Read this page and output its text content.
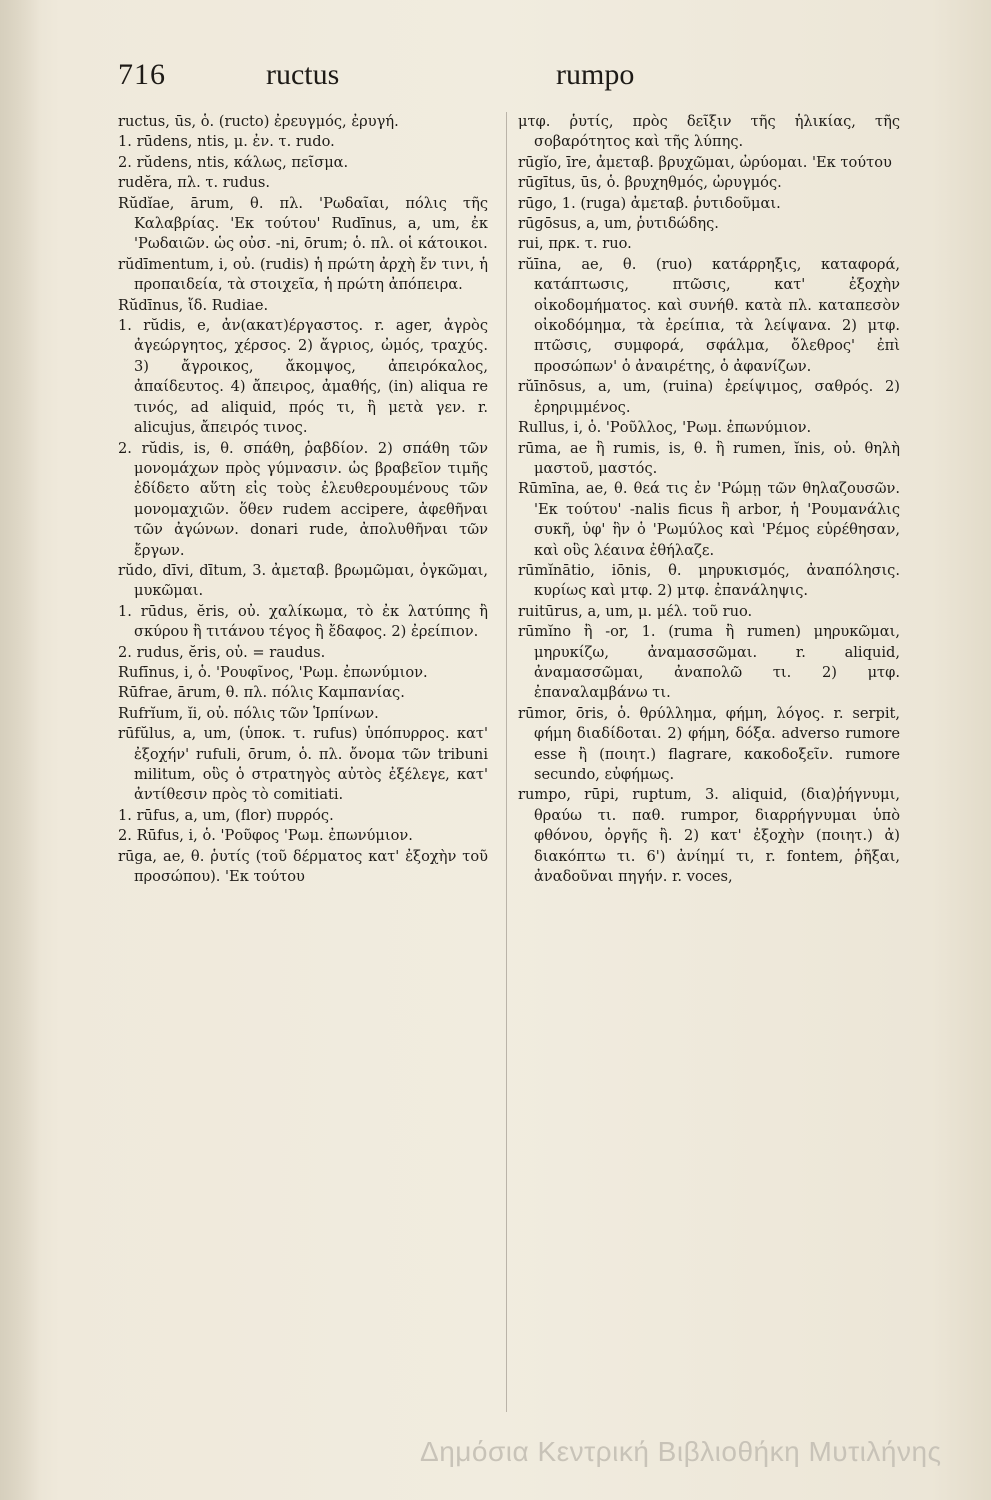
716	ructus	rumpo

ructus, ūs, ὁ. (ructo) ἐρευγμός, ἐρυγή.

1. rūdens, ntis, μ. ἐν. τ. rudo.

2. rŭdens, ntis, κάλως, πεῖσμα.

rudĕra, πλ. τ. rudus.

Rŭdĭae, ārum, θ. πλ. 'Ρωδαῖαι, πόλις τῆς Καλαβρίας. 'Εκ τούτου' Rudīnus, a, um, ἐκ 'Ρωδαιῶν. ὡς οὐσ. -ni, ōrum; ὁ. πλ. οἱ κάτοικοι.

rŭdīmentum, i, οὐ. (rudis) ἡ πρώτη ἀρχὴ ἔν τινι, ἡ προπαιδεία, τὰ στοιχεῖα, ἡ πρώτη ἀπόπειρα.

Rŭdīnus, ἴδ. Rudiae.

1. rŭdis, e, ἀν(ακατ)έργαστος. r. ager, ἀγρὸς ἀγεώργητος, χέρσος. 2) ἄγριος, ὠμός, τραχύς. 3) ἄγροικος, ἄκομψος, ἀπειρόκαλος, ἀπαίδευτος. 4) ἄπειρος, ἀμαθής, (in) aliqua re τινός, ad aliquid, πρός τι, ἢ μετὰ γεν. r. alicujus, ἄπειρός τινος.

2. rŭdis, is, θ. σπάθη, ῥαβδίον. 2) σπάθη τῶν μονομάχων πρὸς γύμνασιν. ὡς βραβεῖον τιμῆς ἐδίδετο αὕτη εἰς τοὺς ἐλευθερουμένους τῶν μονομαχιῶν. ὅθεν rudem accipere, ἀφεθῆναι τῶν ἀγώνων. donari rude, ἀπολυθῆναι τῶν ἔργων.

rŭdo, dīvi, dītum, 3. ἀμεταβ. βρωμῶμαι, ὀγκῶμαι, μυκῶμαι.

1. rūdus, ĕris, οὐ. χαλίκωμα, τὸ ἐκ λατύπης ἢ σκύρου ἢ τιτάνου τέγος ἢ ἔδαφος. 2) ἐρείπιον.

2. rudus, ĕris, οὐ. = raudus.

Rufīnus, i, ὁ. 'Ρουφῖνος, 'Ρωμ. ἐπωνύμιον.

Rūfrae, ārum, θ. πλ. πόλις Καμπανίας.

Rufrĭum, ĭi, οὐ. πόλις τῶν Ἱρπίνων.

rūfŭlus, a, um, (ὑποκ. τ. rufus) ὑπόπυρρος. κατ' ἐξοχήν' rufuli, ōrum, ὁ. πλ. ὄνομα τῶν tribuni militum, οὓς ὁ στρατηγὸς αὐτὸς ἐξέλεγε, κατ' ἀντίθεσιν πρὸς τὸ comitiati.

1. rūfus, a, um, (flor) πυρρός.

2. Rūfus, i, ὁ. 'Ροῦφος 'Ρωμ. ἐπωνύμιον.

rūga, ae, θ. ῥυτίς (τοῦ δέρματος κατ' ἐξοχὴν τοῦ προσώπου). 'Εκ τούτου

μτφ. ῥυτίς, πρὸς δεῖξιν τῆς ἡλικίας, τῆς σοβαρότητος καὶ τῆς λύπης.

rūgĭo, īre, ἀμεταβ. βρυχῶμαι, ὠρύομαι. 'Εκ τούτου

rūgītus, ūs, ὁ. βρυχηθμός, ὠρυγμός.

rūgo, 1. (ruga) ἀμεταβ. ῥυτιδοῦμαι.

rūgōsus, a, um, ῥυτιδώδης.

rui, πρκ. τ. ruo.

rŭīna, ae, θ. (ruo) κατάρρηξις, καταφορά, κατάπτωσις, πτῶσις, κατ' ἐξοχὴν οἰκοδομήματος. καὶ συνήθ. κατὰ πλ. καταπεσὸν οἰκοδόμημα, τὰ ἐρείπια, τὰ λείψανα. 2) μτφ. πτῶσις, συμφορά, σφάλμα, ὄλεθρος' ἐπὶ προσώπων' ὁ ἀναιρέτης, ὁ ἀφανίζων.

rŭīnōsus, a, um, (ruina) ἐρείψιμος, σαθρός. 2) ἐρηριμμένος.

Rullus, i, ὁ. 'Ροῦλλος, 'Ρωμ. ἐπωνύμιον.

rūma, ae ἢ rumis, is, θ. ἢ rumen, ĭnis, οὐ. θηλὴ μαστοῦ, μαστός.

Rūmīna, ae, θ. θεά τις ἐν 'Ρώμῃ τῶν θηλαζουσῶν. 'Εκ τούτου' -nalis ficus ἢ arbor, ἡ 'Ρουμανάλις συκῆ, ὑφ' ἣν ὁ 'Ρωμύλος καὶ 'Ρέμος εὑρέθησαν, καὶ οὓς λέαινα ἐθήλαζε.

rūmĭnātio, iōnis, θ. μηρυκισμός, ἀναπόλησις. κυρίως καὶ μτφ. 2) μτφ. ἐπανάληψις.

ruitūrus, a, um, μ. μέλ. τοῦ ruo.

rūmĭno ἢ -or, 1. (ruma ἢ rumen) μηρυκῶμαι, μηρυκίζω, ἀναμασσῶμαι. r. aliquid, ἀναμασσῶμαι, ἀναπολῶ τι. 2) μτφ. ἐπαναλαμβάνω τι.

rūmor, ōris, ὁ. θρύλλημα, φήμη, λόγος. r. serpit, φήμη διαδίδοται. 2) φήμη, δόξα. adverso rumore esse ἢ (ποιητ.) flagrare, κακοδοξεῖν. rumore secundo, εὐφήμως.

rumpo, rūpi, ruptum, 3. aliquid, (δια)ῥήγνυμι, θραύω τι. παθ. rumpor, διαρρήγνυμαι ὑπὸ φθόνου, ὀργῆς ἢ. 2) κατ' ἐξοχὴν (ποιητ.) ἀ) διακόπτω τι. 6') ἀνίημί τι, r. fontem, ῥῆξαι, ἀναδοῦναι πηγήν. r. voces,

Δημόσια Κεντρική Βιβλιοθήκη Μυτιλήνης
